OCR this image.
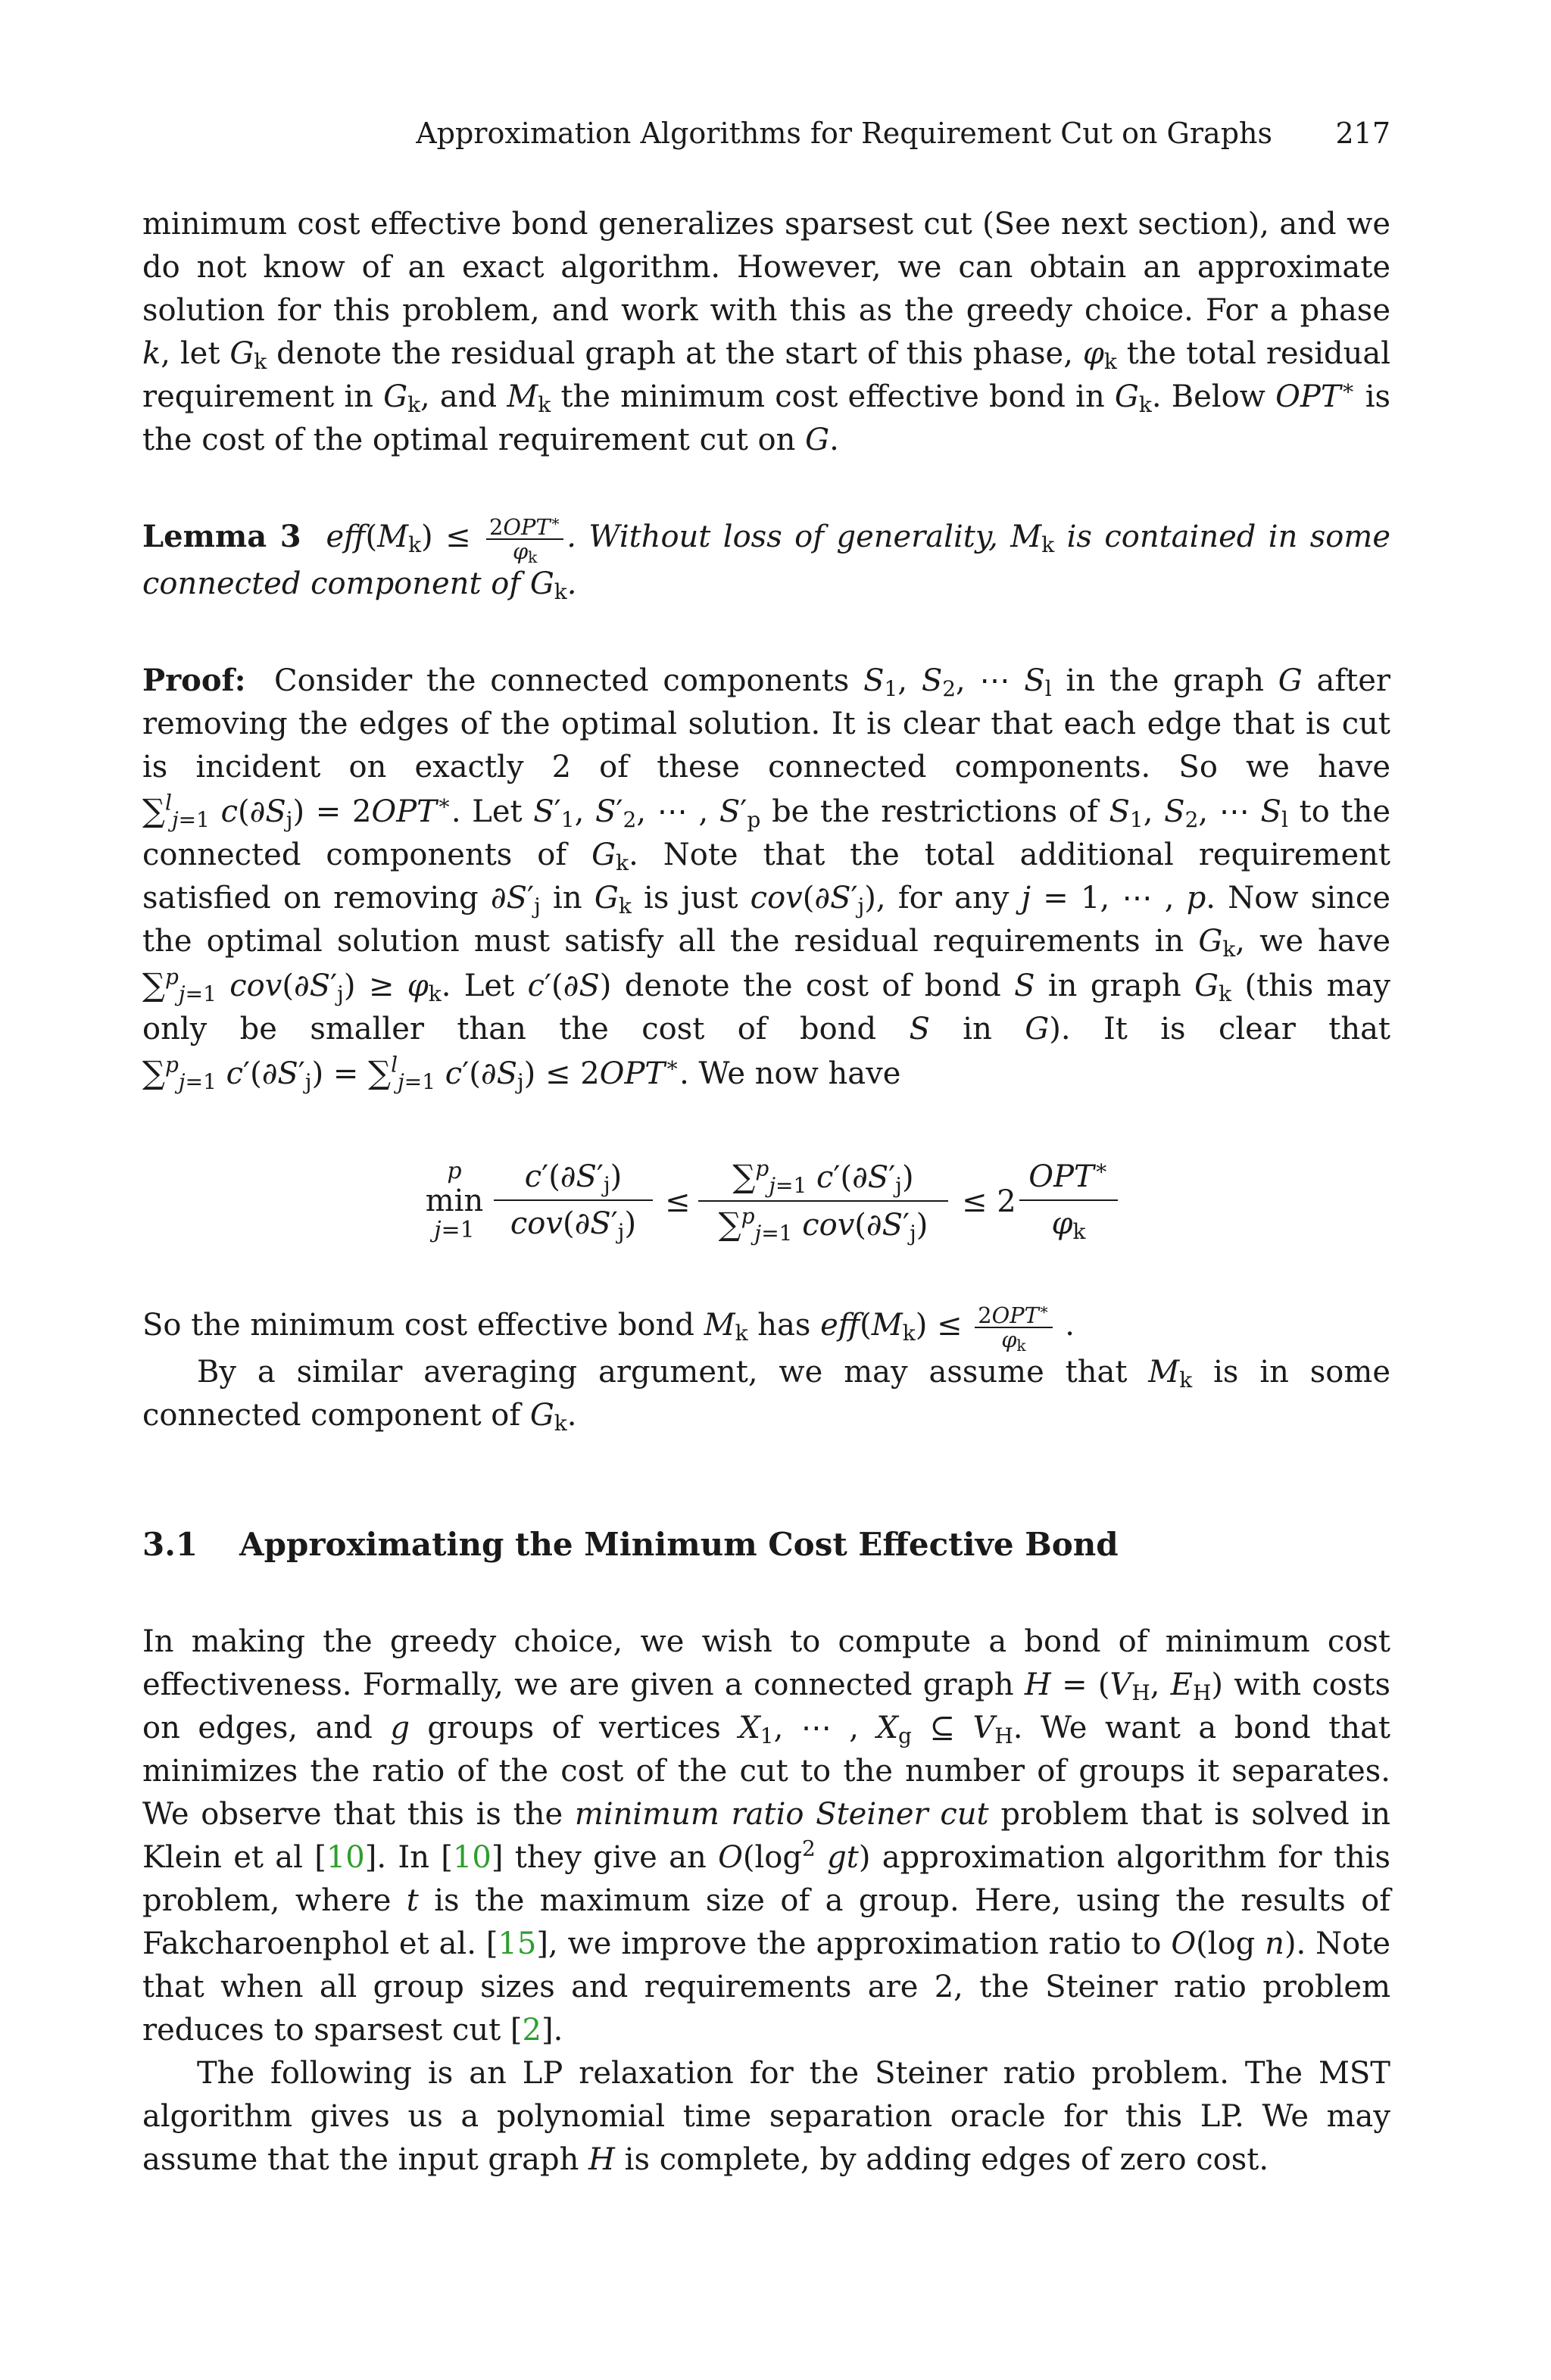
Approximation Algorithms for Requirement Cut on Graphs 217

minimum cost effective bond generalizes sparsest cut (See next section), and we do not know of an exact algorithm. However, we can obtain an approximate solution for this problem, and work with this as the greedy choice. For a phase k, let $G_k$ denote the residual graph at the start of this phase, $\varphi_k$ the total residual requirement in $G_k$, and $M_k$ the minimum cost effective bond in $G_k$. Below OPT∗ is the cost of the optimal requirement cut on G.

Lemma 3 $eff(M_k) \le \frac{2OPT^∗}{\varphi_k}$ . Without loss of generality, $M_k$ is contained in some connected component of $G_k$.

Proof: Consider the connected components $S_1$, $S_2$, ⋯ $S_l$ in the graph G after removing the edges of the optimal solution. It is clear that each edge that is cut is incident on exactly 2 of these connected components. So we have ∑$^l_{j=1}$ $c(\partial S_j) = 2OPT^∗$. Let $S'_1$, $S'_2$, ⋯ , $S'_p$ be the restrictions of $S_1$, $S_2$, ⋯ $S_l$ to the connected components of $G_k$. Note that the total additional requirement satisfied on removing $\partial S'_j$ in $G_k$ is just $cov(\partial S'_j)$, for any j = 1, ⋯ , p. Now since the optimal solution must satisfy all the residual requirements in $G_k$, we have ∑$^p_{j=1}$ $cov(\partial S'_j) \ge \varphi_k$. Let c′(∂S) denote the cost of bond S in graph $G_k$ (this may only be smaller than the cost of bond S in G). It is clear that ∑$^p_{j=1}$ $c'(\partial S'_j) = \sum^l_{j=1}$ $c'(\partial S_j) \le 2OPT^∗$. We now have

p
min
j=1
$c'(\partial S'_j)$
$cov(\partial S'_j)$
≤
∑$^p_{j=1}$ $c'(\partial S'_j)$
∑$^p_{j=1}$ $cov(\partial S'_j)$
≤ 2
OPT∗
$\varphi_k$

So the minimum cost effective bond $M_k$ has $eff(M_k) \le \frac{2OPT^∗}{\varphi_k}$ .

By a similar averaging argument, we may assume that $M_k$ is in some connected component of $G_k$.

3.1 Approximating the Minimum Cost Effective Bond

In making the greedy choice, we wish to compute a bond of minimum cost effectiveness. Formally, we are given a connected graph $H = (V_H$, $E_H$) with costs on edges, and g groups of vertices $X_1$, ⋯ , $X_g$ ⊆ $V_H$. We want a bond that minimizes the ratio of the cost of the cut to the number of groups it separates. We observe that this is the minimum ratio Steiner cut problem that is solved in Klein et al [10]. In [10] they give an $O(\log^2$ gt) approximation algorithm for this problem, where t is the maximum size of a group. Here, using the results of Fakcharoenphol et al. [15], we improve the approximation ratio to O(log n). Note that when all group sizes and requirements are 2, the Steiner ratio problem reduces to sparsest cut [2].

The following is an LP relaxation for the Steiner ratio problem. The MST algorithm gives us a polynomial time separation oracle for this LP. We may assume that the input graph H is complete, by adding edges of zero cost.
